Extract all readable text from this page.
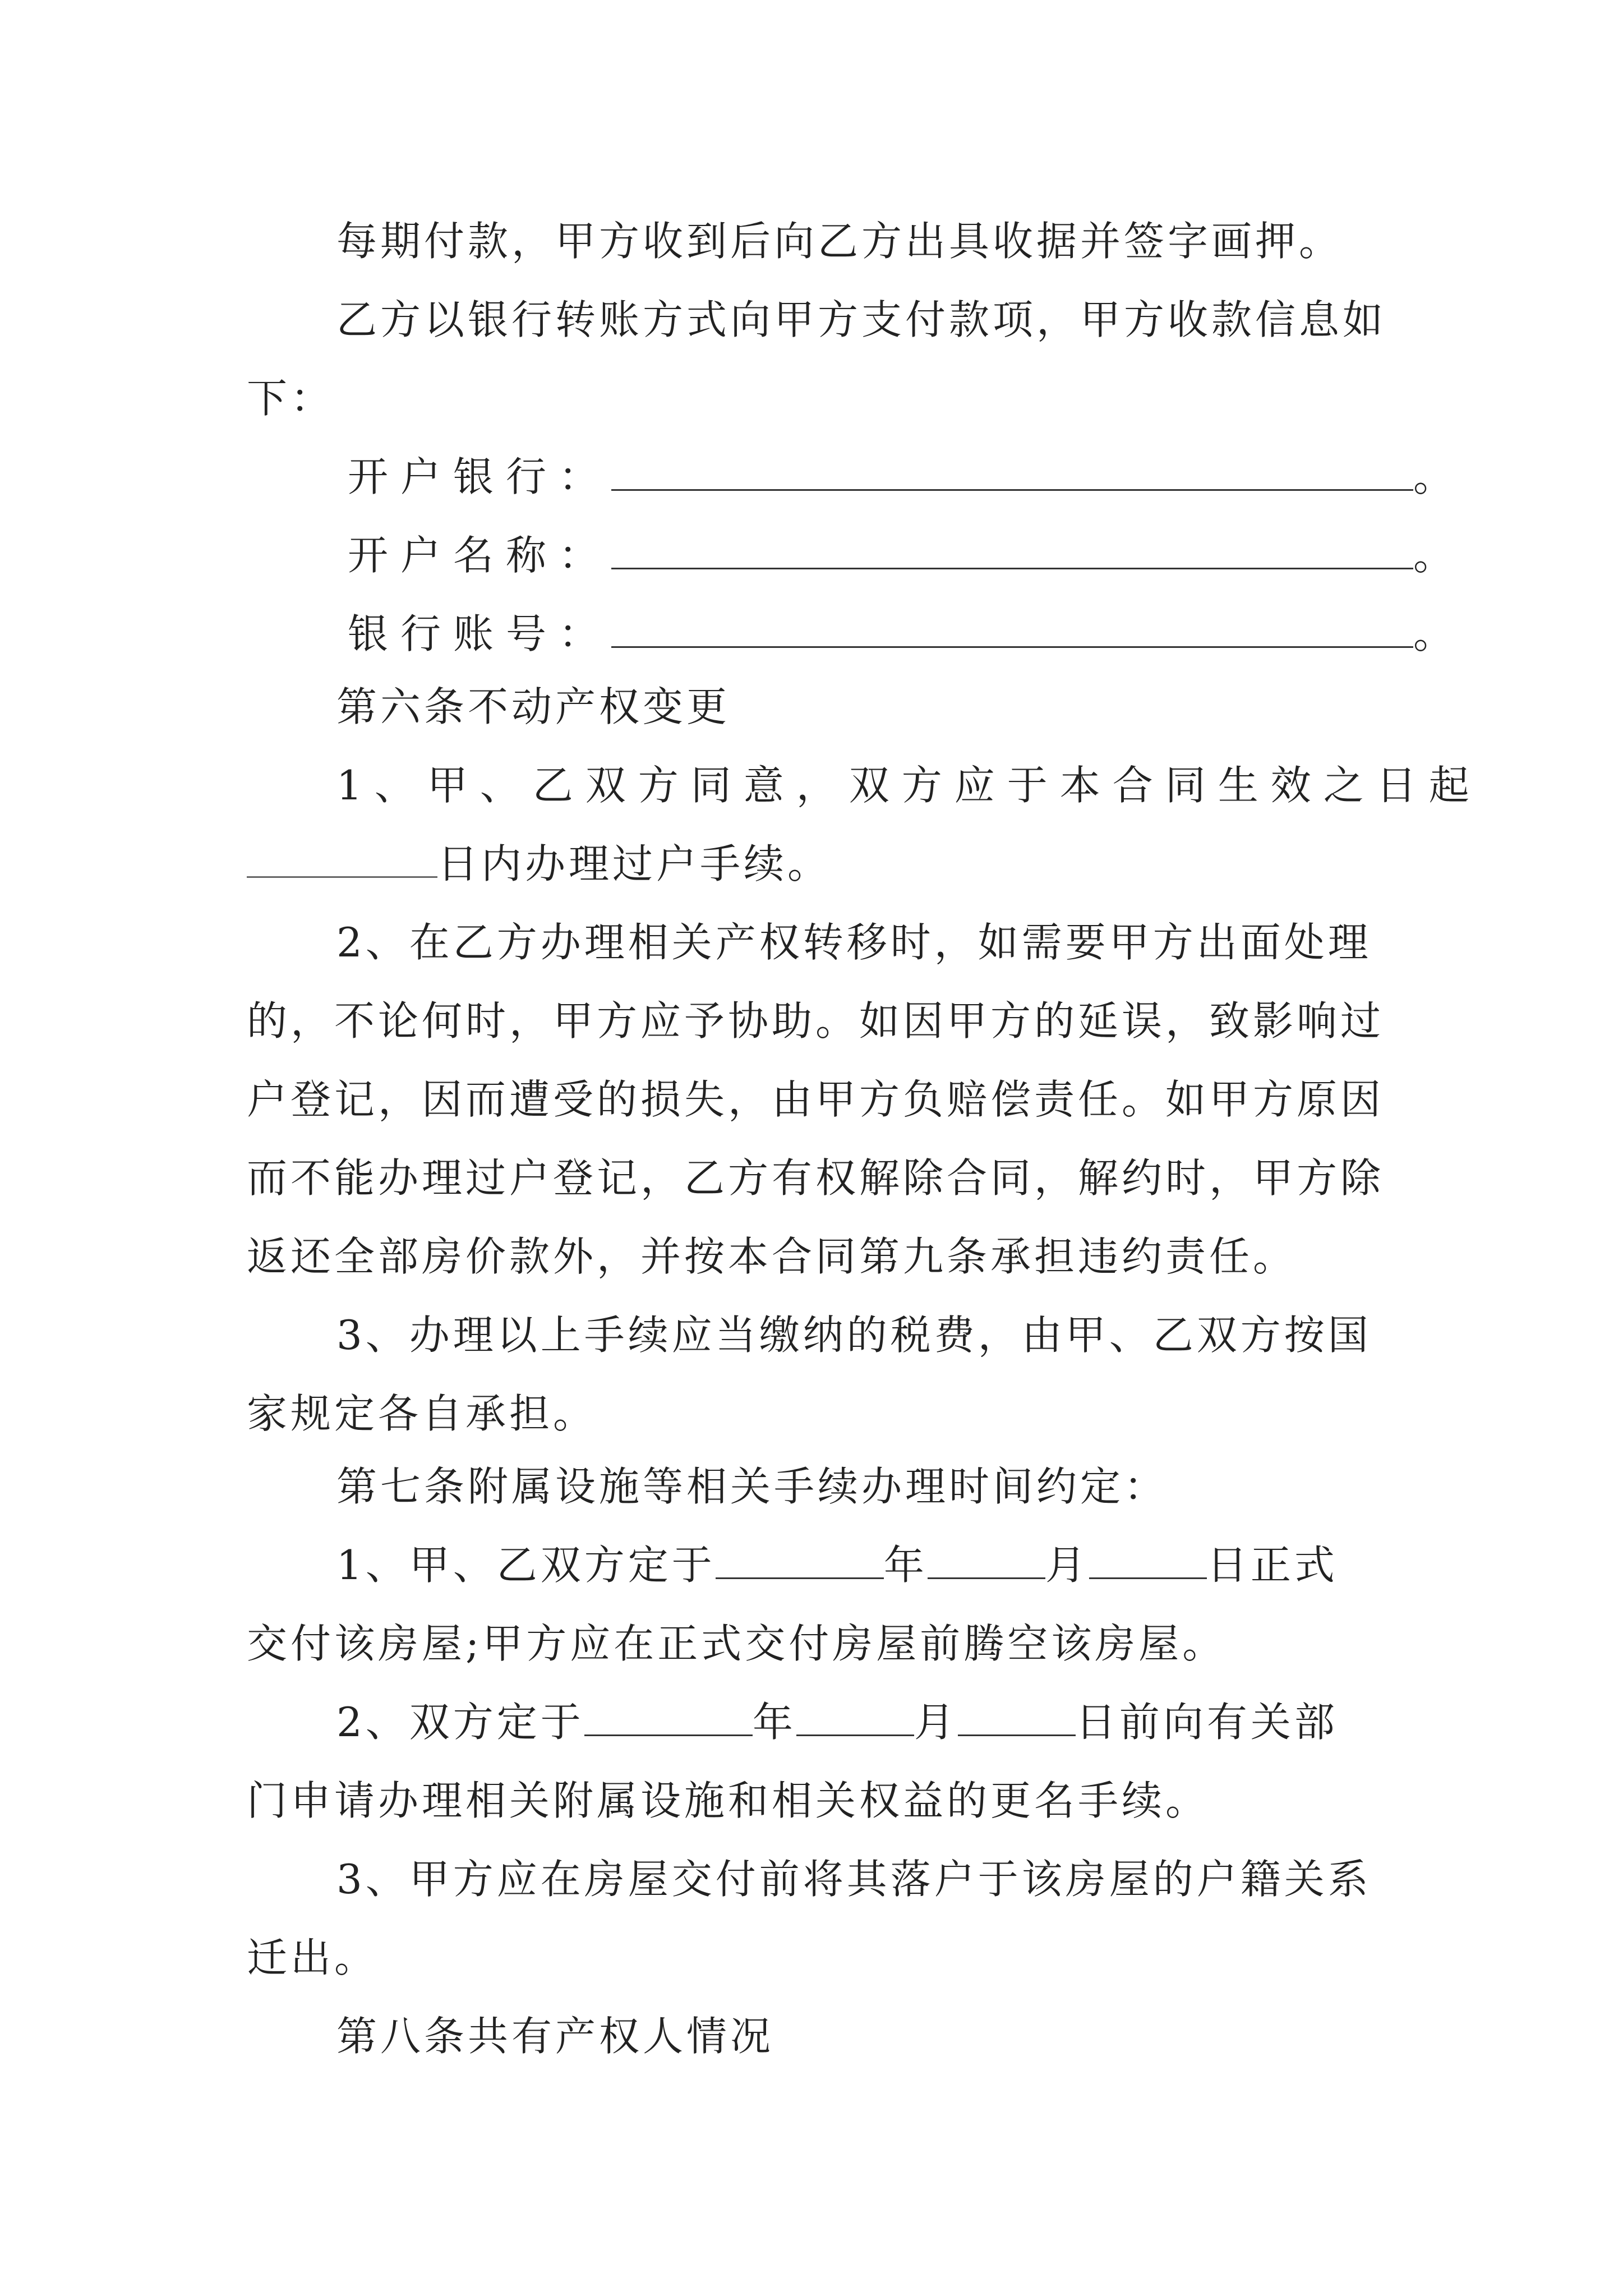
每期付款，甲方收到后向乙方出具收据并签字画押。
乙方以银行转账方式向甲方支付款项，甲方收款信息如
下：
开户银行：	。
开户名称：	。
银行账号：	。
第六条不动产权变更
1、甲、乙双方同意，双方应于本合同生效之日起
日内办理过户手续。
2、在乙方办理相关产权转移时，如需要甲方出面处理
的，不论何时，甲方应予协助。如因甲方的延误，致影响过
户登记，因而遭受的损失，由甲方负赔偿责任。如甲方原因
而不能办理过户登记，乙方有权解除合同，解约时，甲方除
返还全部房价款外，并按本合同第九条承担违约责任。
3、办理以上手续应当缴纳的税费，由甲、乙双方按国
家规定各自承担。
第七条附属设施等相关手续办理时间约定：
1、甲、乙双方定于	年	月	日正式
交付该房屋;甲方应在正式交付房屋前腾空该房屋。
2、双方定于	年	月	日前向有关部
门申请办理相关附属设施和相关权益的更名手续。
3、甲方应在房屋交付前将其落户于该房屋的户籍关系
迁出。
第八条共有产权人情况
